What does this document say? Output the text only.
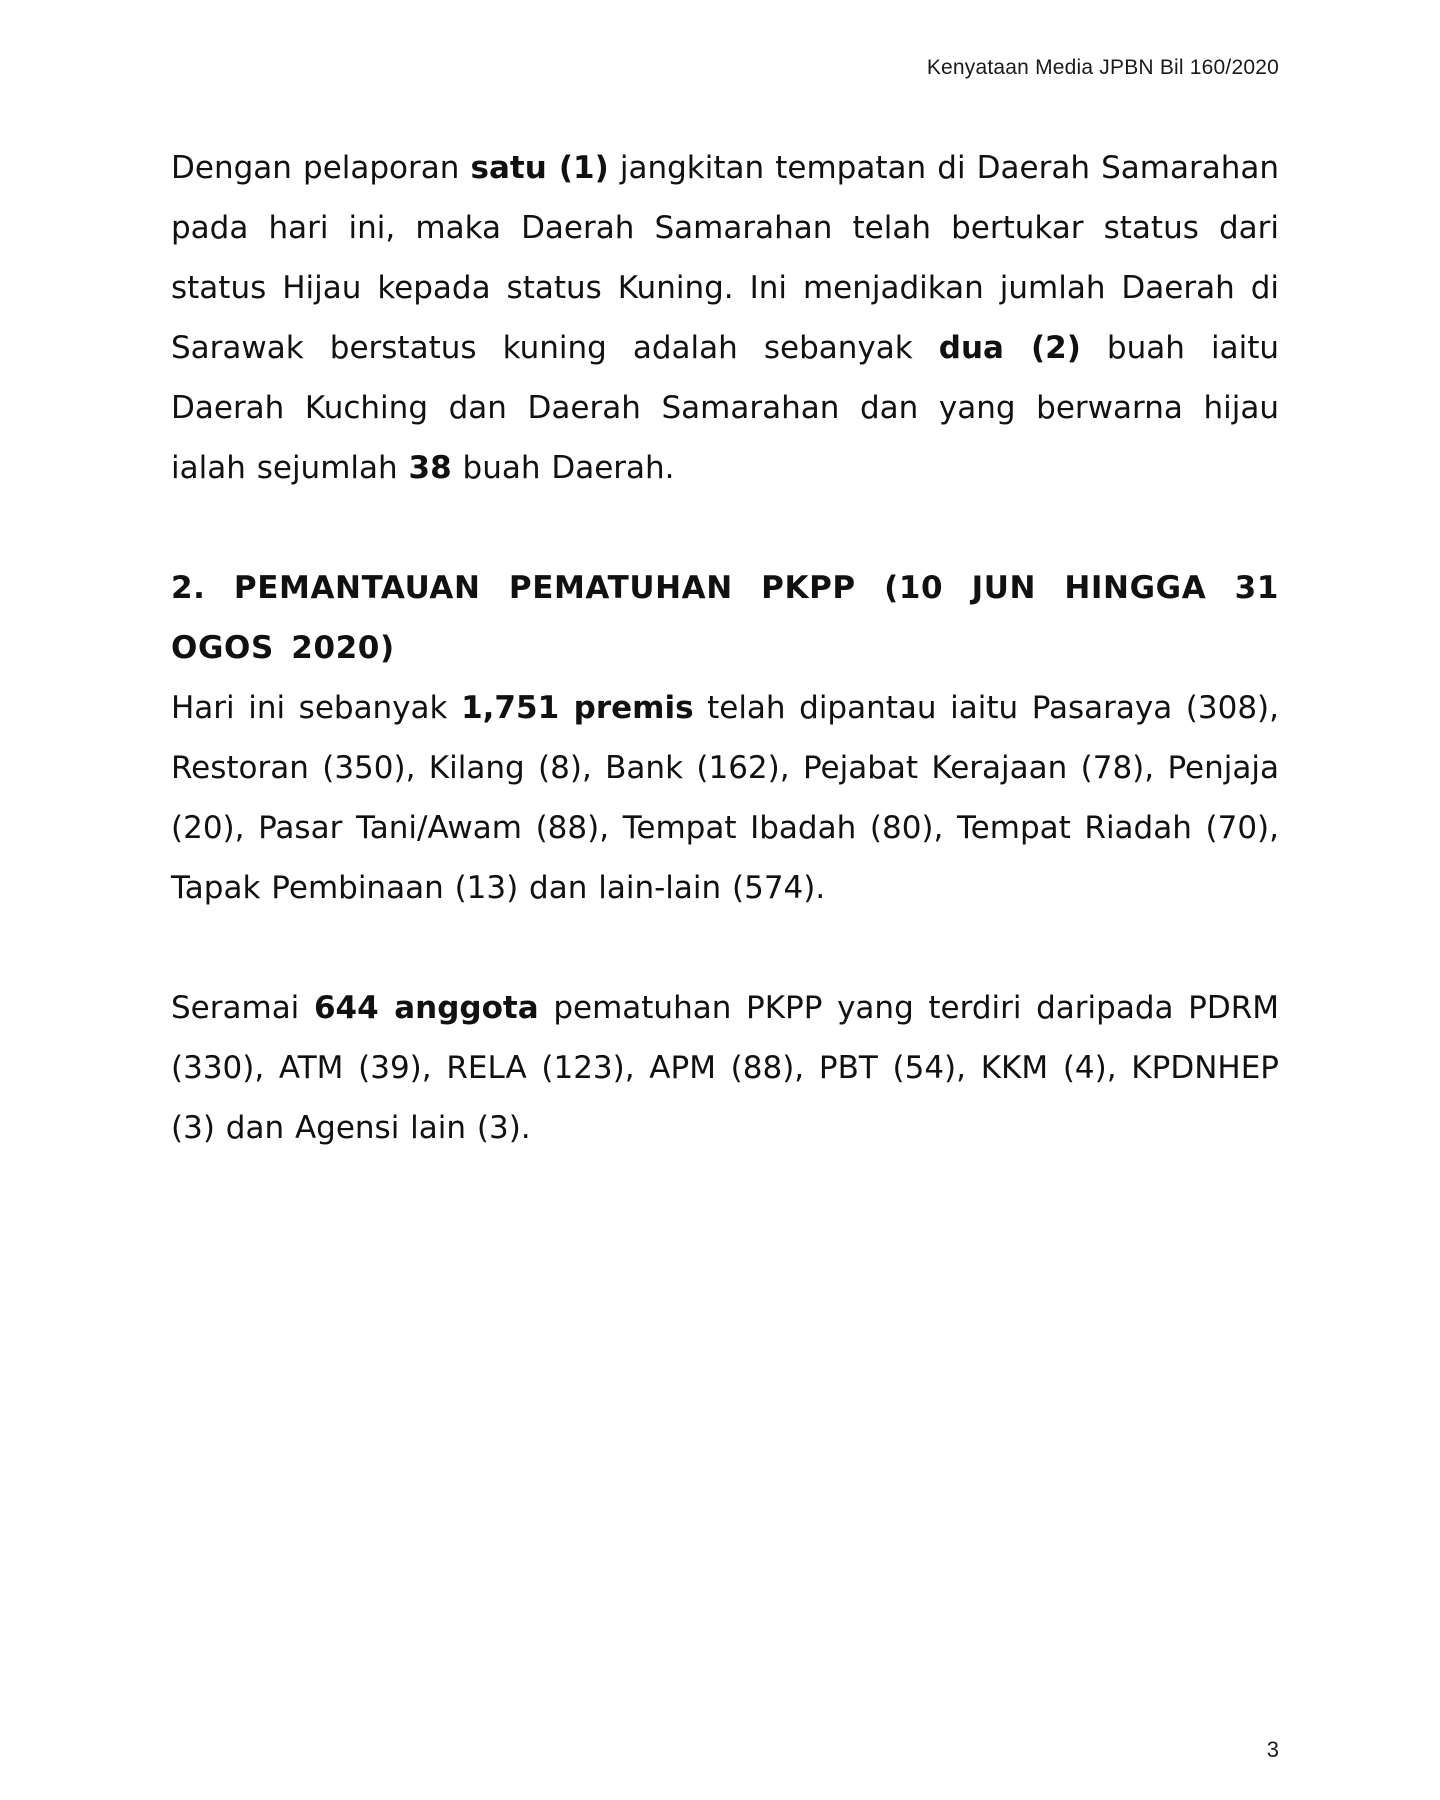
Kenyataan Media JPBN Bil 160/2020

Dengan pelaporan satu (1) jangkitan tempatan di Daerah Samarahan pada hari ini, maka Daerah Samarahan telah bertukar status dari status Hijau kepada status Kuning. Ini menjadikan jumlah Daerah di Sarawak berstatus kuning adalah sebanyak dua (2) buah iaitu Daerah Kuching dan Daerah Samarahan dan yang berwarna hijau ialah sejumlah 38 buah Daerah.

2. PEMANTAUAN PEMATUHAN PKPP (10 JUN HINGGA 31 OGOS 2020)

Hari ini sebanyak 1,751 premis telah dipantau iaitu Pasaraya (308), Restoran (350), Kilang (8), Bank (162), Pejabat Kerajaan (78), Penjaja (20), Pasar Tani/Awam (88), Tempat Ibadah (80), Tempat Riadah (70), Tapak Pembinaan (13) dan lain-lain (574).

Seramai 644 anggota pematuhan PKPP yang terdiri daripada PDRM (330), ATM (39), RELA (123), APM (88), PBT (54), KKM (4), KPDNHEP (3) dan Agensi lain (3).

3
